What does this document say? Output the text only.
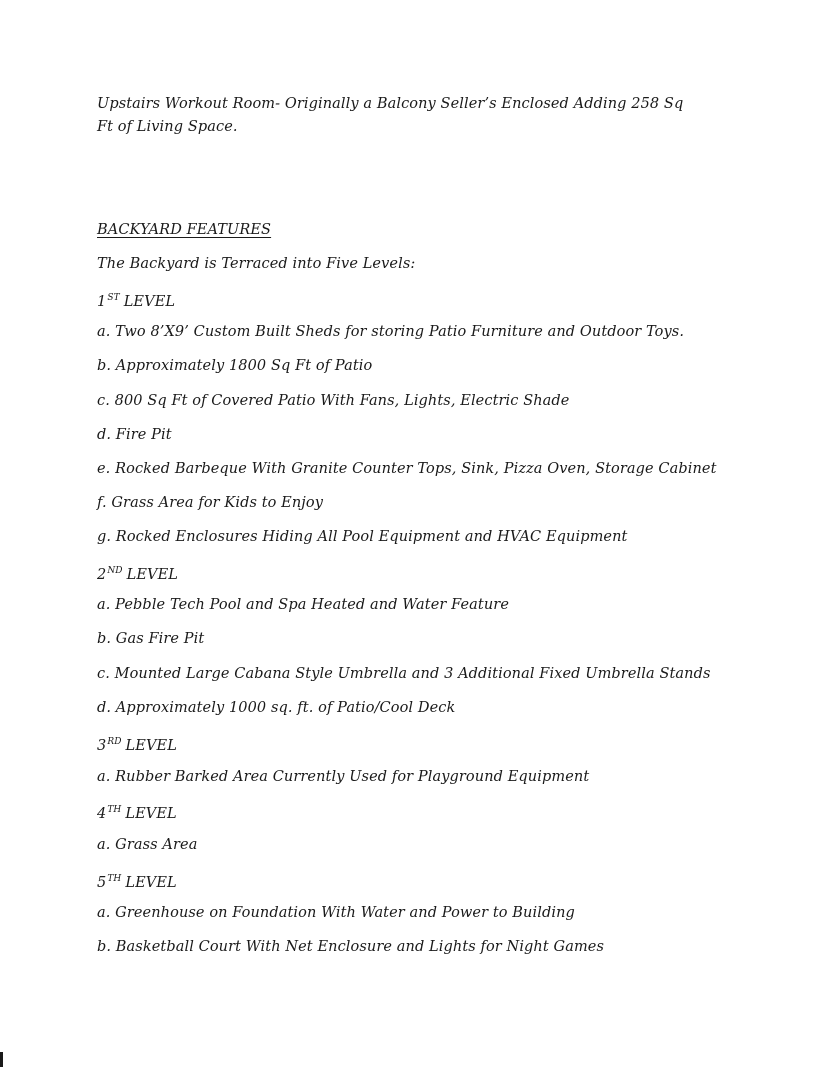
Upstairs Workout Room- Originally a Balcony Seller’s Enclosed Adding 258 Sq Ft of Living Space.
BACKYARD FEATURES
The Backyard is Terraced into Five Levels:
1ST LEVEL
a. Two 8’X9’ Custom Built Sheds for storing Patio Furniture and Outdoor Toys.
b. Approximately 1800 Sq Ft of Patio
c. 800 Sq Ft of Covered Patio With Fans, Lights, Electric Shade
d. Fire Pit
e. Rocked Barbeque With Granite Counter Tops, Sink, Pizza Oven, Storage Cabinet
f. Grass Area for Kids to Enjoy
g. Rocked Enclosures Hiding All Pool Equipment and HVAC Equipment
2ND LEVEL
a. Pebble Tech Pool and Spa Heated and Water Feature
b. Gas Fire Pit
c. Mounted Large Cabana Style Umbrella and 3 Additional Fixed Umbrella Stands
d. Approximately 1000 sq. ft. of Patio/Cool Deck
3RD LEVEL
a. Rubber Barked Area Currently Used for Playground Equipment
4TH LEVEL
a. Grass Area
5TH LEVEL
a. Greenhouse on Foundation With Water and Power to Building
b. Basketball Court With Net Enclosure and Lights for Night Games
